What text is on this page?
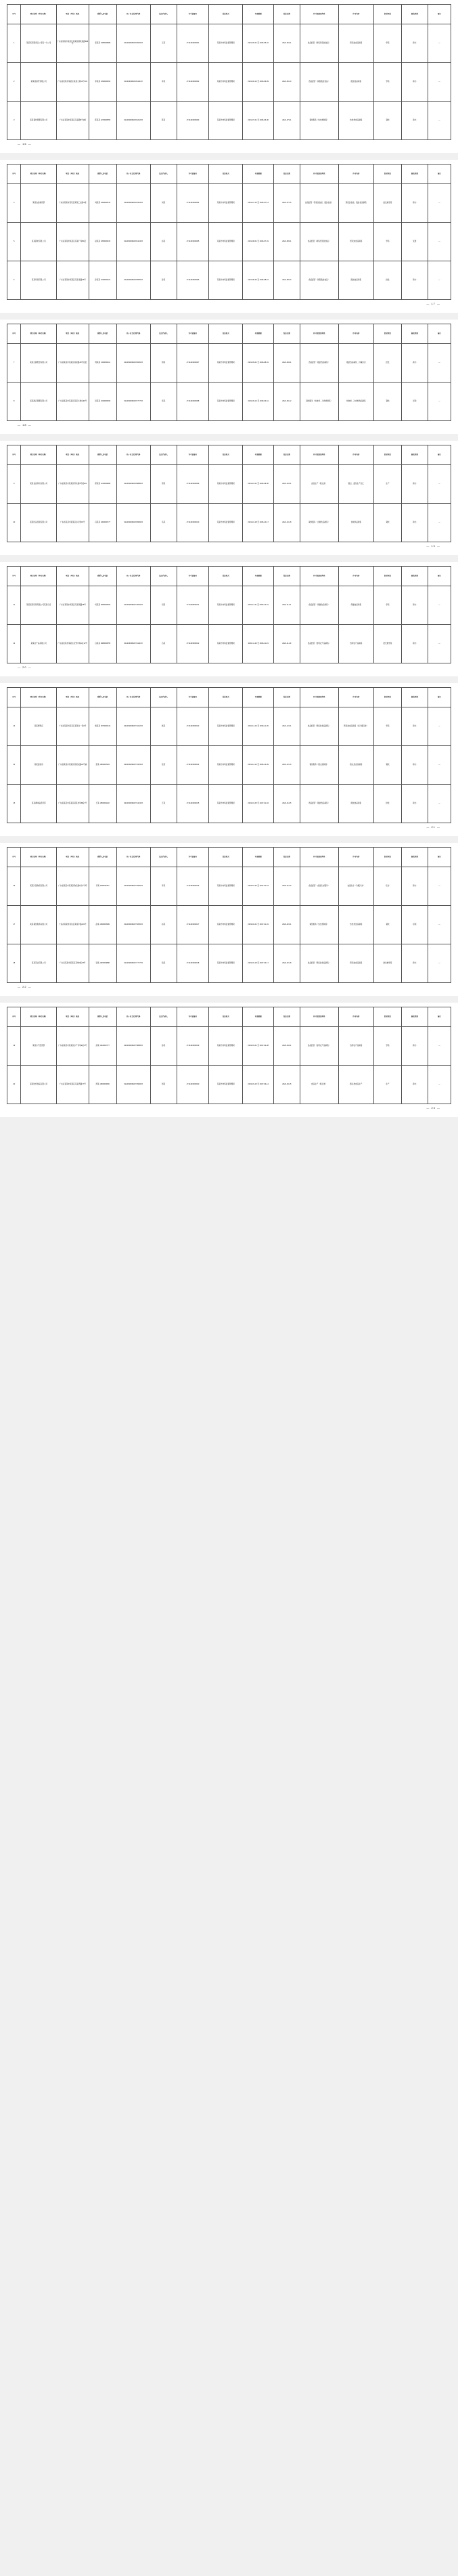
序号	项目名称（单位名称）	项目（单位）地址	联系人及电话	统一社会信用代码	法定代表人	许可证编号	发证机关	有效期限	发证日期	许可范围及种类	许可内容	经营项目	核发类别	备注
1	某某某有限责任公司第一分公司	广东省某某市某某区某某街道某某路888号	张某某 1380000888	91440300MA5X0000XX	王某	JY14403000001	某某市市场监督管理局	2021-06-01 至 2026-05-31	2021-06-01	食品经营（销售预包装食品）	预包装食品销售	零售	新办	—
2	某某某商贸有限公司	广东省某某市某某区某某大道12号101	李某某 1390000666	91440300MA5X1111XX	李某	JY14403000002	某某市市场监督管理局	2021-06-10 至 2026-06-09	2021-06-10	食品经营（销售散装食品）	散装食品销售	零售	新办	—
3	某某餐饮管理有限公司	广东省某某市某某区某某路5号2楼	陈某某 1370000555	91440300MA5X2222XX	陈某	JY14403000003	某某市市场监督管理局	2021-07-01 至 2026-06-30	2021-07-01	餐饮服务（热食类制售）	热食类食品制售	餐饮	新办	—
— 16 —
序号	项目名称（单位名称）	项目（单位）地址	联系人及电话	统一社会信用代码	法定代表人	许可证编号	发证机关	有效期限	发证日期	许可范围及种类	许可内容	经营项目	核发类别	备注
4	某某食品销售部	广东省某某市某某区某某工业园A栋	刘某某 1360000444	91440300MA5X3333XX	刘某	JY14403000004	某某市市场监督管理局	2021-07-15 至 2026-07-14	2021-07-15	食品经营（预包装食品、散装食品）	预包装食品、散装食品销售	批发兼零售	新办	—
5	某某超市有限公司	广东省某某市某某区某某广场B1层	赵某某 1350000333	91440300MA5X4444XX	赵某	JY14403000005	某某市市场监督管理局	2021-08-01 至 2026-07-31	2021-08-01	食品经营（销售预包装食品）	预包装食品销售	零售	变更	—
6	某某贸易有限公司	广东省某某市某某区某某北路66号	孙某某 1340000222	91440300MA5X5555XX	孙某	JY14403000006	某某市市场监督管理局	2021-08-20 至 2026-08-19	2021-08-20	食品经营（销售散装食品）	散装食品销售	批发	新办	—
— 17 —
序号	项目名称（单位名称）	项目（单位）地址	联系人及电话	统一社会信用代码	法定代表人	许可证编号	发证机关	有效期限	发证日期	许可范围及种类	许可内容	经营项目	核发类别	备注
7	某某生鲜配送有限公司	广东省某某市某某区某某路18号首层	周某某 1330000111	91440300MA5X6666XX	周某	JY14403000007	某某市市场监督管理局	2021-09-01 至 2026-08-31	2021-09-01	食品经营（散装食品销售）	散装食品销售、冷藏冷冻	批发	新办	—
8	某某酒店管理有限公司	广东省某某市某某区某某大道东99号	吴某某 1320000999	91440300MA5X7777XX	吴某	JY14403000008	某某市市场监督管理局	2021-09-12 至 2026-09-11	2021-09-12	餐饮服务（热食类、冷食类制售）	热食类、冷食类食品制售	餐饮	延续	—
— 18 —
序号	项目名称（单位名称）	项目（单位）地址	联系人及电话	统一社会信用代码	法定代表人	许可证编号	发证机关	有效期限	发证日期	许可范围及种类	许可内容	经营项目	核发类别	备注
9	某某食品科技有限公司	广东省某某市某某区科技园3号楼201	郑某某 1310000888	91440300MA5X8888XX	郑某	JY14403000009	某某市市场监督管理局	2021-10-01 至 2026-09-30	2021-10-01	食品生产（糕点类）	糕点、面包生产加工	生产	新办	—
10	某某饮品连锁有限公司	广东省某某市某某区步行街15号	冯某某 1300000777	91440300MA5X9999XX	冯某	JY14403000010	某某市市场监督管理局	2021-10-18 至 2026-10-17	2021-10-18	餐饮服务（自制饮品制售）	自制饮品制售	餐饮	新办	—
— 19 —
序号	项目名称（单位名称）	项目（单位）地址	联系人及电话	统一社会信用代码	法定代表人	许可证编号	发证机关	有效期限	发证日期	许可范围及种类	许可内容	经营项目	核发类别	备注
11	某某医药连锁有限公司某某分店	广东省某某市某某区某某南路38号	何某某 1890000666	91440300MA5Y0000XX	何某	JY14403000011	某某市市场监督管理局	2021-11-01 至 2026-10-31	2021-11-01	食品经营（保健食品销售）	保健食品销售	零售	新办	—
12	某某农产品有限公司	广东省某某市某某区农贸市场A区12号	吕某某 1880000555	91440300MA5Y1111XX	吕某	JY14403000012	某某市市场监督管理局	2021-11-20 至 2026-11-19	2021-11-20	食品经营（食用农产品销售）	食用农产品销售	批发兼零售	新办	—
— 20 —
序号	项目名称（单位名称）	项目（单位）地址	联系人及电话	统一社会信用代码	法定代表人	许可证编号	发证机关	有效期限	发证日期	许可范围及种类	许可内容	经营项目	核发类别	备注
13	某某便利店	广东省某某市某某区某某村一巷3号	施某某 1870000444	92440300MA5Y2222XX	施某	JY14403000013	某某市市场监督管理局	2021-12-01 至 2026-11-30	2021-12-01	食品经营（预包装食品销售）	预包装食品销售（含冷藏冷冻）	零售	新办	—
14	某某面包房	广东省某某市某某区某某东路20号铺	张某 1860000333	92440300MA5Y3333XX	张某	JY14403000014	某某市市场监督管理局	2021-12-10 至 2026-12-09	2021-12-10	餐饮服务（糕点类制售）	糕点类食品制售	餐饮	新办	—
15	某某调味品经营部	广东省某某市某某区某某市场B栋7号	王某 1850000222	92440300MA5Y4444XX	王某	JY14403000015	某某市市场监督管理局	2022-01-05 至 2027-01-04	2022-01-05	食品经营（散装食品销售）	散装食品销售	批发	新办	—
— 21 —
序号	项目名称（单位名称）	项目（单位）地址	联系人及电话	统一社会信用代码	法定代表人	许可证编号	发证机关	有效期限	发证日期	许可范围及种类	许可内容	经营项目	核发类别	备注
16	某某冷链物流有限公司	广东省某某市某某区物流园C区5号库	李某 1840000111	91440300MA5Y5555XX	李某	JY14403000016	某某市市场监督管理局	2022-01-20 至 2027-01-19	2022-01-20	食品经营（食品贮存服务）	食品贮存（冷藏冷冻）	贮存	新办	—
17	某某餐饮服务有限公司	广东省某某市某某区某某中路101号	赵某 1830000999	91440300MA5Y6666XX	赵某	JY14403000017	某某市市场监督管理局	2022-02-01 至 2027-01-31	2022-02-01	餐饮服务（热食类制售）	热食类食品制售	餐饮	延续	—
18	某某茶业有限公司	广东省某某市某某区茶城D座18号	钱某 1820000888	91440300MA5Y7777XX	钱某	JY14403000018	某某市市场监督管理局	2022-02-18 至 2027-02-17	2022-02-18	食品经营（预包装食品销售）	预包装食品销售	批发兼零售	新办	—
— 22 —
序号	项目名称（单位名称）	项目（单位）地址	联系人及电话	统一社会信用代码	法定代表人	许可证编号	发证机关	有效期限	发证日期	许可范围及种类	许可内容	经营项目	核发类别	备注
19	某某水产经营部	广东省某某市某某区水产市场E区9号	孙某 1810000777	92440300MA5Y8888XX	孙某	JY14403000019	某某市市场监督管理局	2022-03-01 至 2027-02-28	2022-03-01	食品经营（食用农产品销售）	食用农产品销售	零售	新办	—
20	某某烘焙食品有限公司	广东省某某市某某区某某西路77号	周某 1800000666	91440300MA5Y9999XX	周某	JY14403000020	某某市市场监督管理局	2022-03-15 至 2027-03-14	2022-03-15	食品生产（糕点类）	糕点类食品生产	生产	新办	—
— 23 —
